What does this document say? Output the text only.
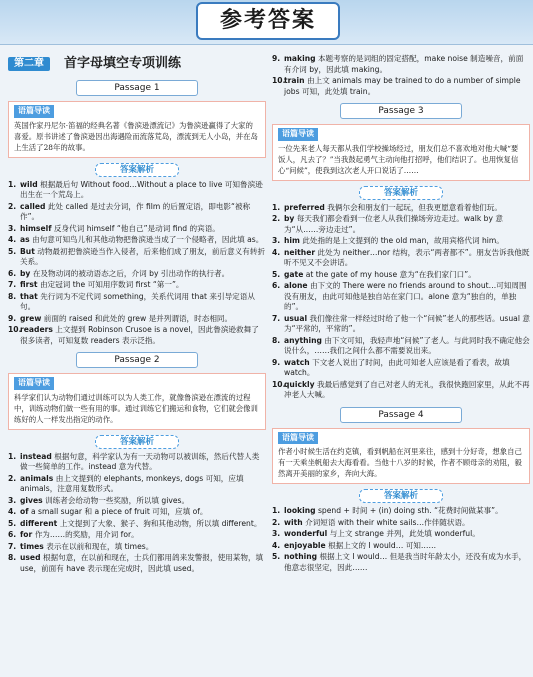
参考答案
第二章	首字母填空专项训练
Passage 1
语篇导读
英国作家丹尼尔·笛福的经典名著《鲁滨逊漂流记》为鲁滨逊赢得了大家的喜爱。原书讲述了鲁滨逊因出海遇险而流落荒岛，漂流到无人小岛，并在岛上生活了28年的故事。
答案解析
1. wild 根据最后句 Without food…Without a place to live 可知鲁滨逊出生在一个荒岛上。
2. called 此处 called 是过去分词，作 film 的后置定语，即电影“被称作”。
3. himself 反身代词 himself “他自己”是动词 find 的宾语。
4. as 由句意可知鸟儿和其他动物把鲁滨逊当成了一个侵略者，因此填 as。
5. But 动物最初把鲁滨逊当作入侵者，后来他们成了朋友，前后意义有转折关系。
6. by 在及物动词的被动语态之后，介词 by 引出动作的执行者。
7. first 由定冠词 the 可知用序数词 first “第一”。
8. that 先行词为不定代词 something，关系代词用 that 来引导定语从句。
9. grew 前面的 raised 和此处的 grew 是并列谓语，时态相同。
10.
readers 上文提到 Robinson Crusoe is a novel，因此鲁滨逊救舞了很多读者，可知复数 readers 表示泛指。
Passage 2
语篇导读
科学家们认为动物们通过训练可以为人类工作，就像鲁滨逊在漂流的过程中，训练动物们做一些有用的事。通过训练它们搬运和食物，它们就会像训练好的人一样发出指定的动作。
答案解析
1. instead 根据句意，科学家认为有一天动物可以被训练，然后代替人类做一些简单的工作。instead 意为代替。
2. animals 由上文提到的 elephants, monkeys, dogs 可知，应填 animals，注意用复数形式。
3. gives 训练者会给动物一些奖励，所以填 gives。
4. of a small sugar 和 a piece of fruit 可知，应填 of。
5. different 上文提到了大象、猴子、狗和其他动物，所以填 different。
6. for 作为……的奖励，用介词 for。
7. times 表示在以前和现在，填 times。
8. used 根据句意，在以前和现在，士兵们都用鸽来发警报，使用某物，填 use，前面有 have 表示现在完成时，因此填 used。
9. making 本题考察的是词组的固定搭配，make noise 制造噪音，前面有介词 by，因此填 making。
10.
train 由上文 animals may be trained to do a number of simple jobs 可知，此处填 train。
Passage 3
语篇导读
一位先来老人每天都从我们学校操场经过，朋友们总不喜欢地对他大喊“要饭人，凡去了？”当我鼓起勇气主动向他打招呼，他们结识了。也用恢复信心“问候”，使我到这次老人开口说话了……
答案解析
1. preferred 我俩尔会和朋友们一起玩，但我更愿意看着他们玩。
2. by 每天我们都会看到一位老人从我们操场旁边走过。walk by 意为“从……旁边走过”。
3. him 此处指的是上文提到的 the old man，故用宾格代词 him。
4. neither 此处为 neither…nor 结构，表示“两者都不”。朋友告诉我他既听不见又不会讲话。
5. gate at the gate of my house 意为“在我们家门口”。
6. alone 由下文的 There were no friends around to shout…可知周围没有朋友，由此可知他是独自站在家门口。alone 意为“独自的，单独的”。
7. usual 我们像往常一样经过时给了他一个“问候”老人的那些话。usual 意为“平常的，平常的”。
8. anything 由下文可知，我轻声地“问候”了老人。与此同时我不确定他会说什么，……我们之间什么都不需要说出来。
9. watch 下文老人说出了时间，由此可知老人应该是看了看表，故填 watch。
10.
quickly 我最后感觉到了自己对老人的无礼，我很快跑回家里，从此不再冲老人大喊。
Passage 4
语篇导读
作者小时候生活在约克镇，看到帆船在河里来往，感到十分好奇，想象自己有一天乘坐帆船去大海看看。当他十八岁的时候，作者不顾母亲的劝阻，毅然离开美丽的家乡，奔向大海。
答案解析
1. looking spend + 时间 + (in) doing sth. “花费时间做某事”。
2. with 介词短语 with their white sails…作伴随状语。
3. wonderful 与上文 strange 并列，此处填 wonderful。
4. enjoyable 根据上文的 I would… 可知……
5. nothing 根据上文 I would… 但是我当时年龄太小，还没有成为水手，他意志很坚定，因此……
